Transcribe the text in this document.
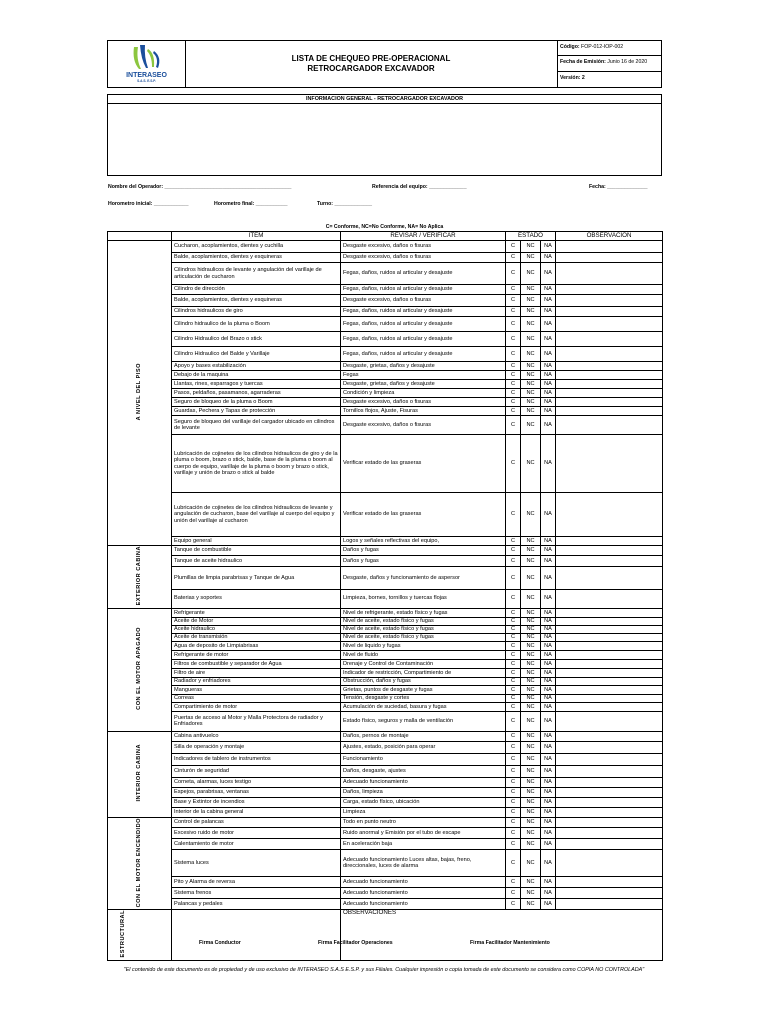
INTERASEO
S.A.S. E.S.P.
LISTA DE CHEQUEO PRE-OPERACIONAL
RETROCARGADOR EXCAVADOR
Código: FOP-012-IOP-002
Fecha de Emisión: Junio 16 de 2020
Versión: 2
INFORMACION GENERAL - RETROCARGADOR EXCAVADOR
Nombre del Operador: ____________________________________________	Referencia del equipo: _____________	Fecha: ______________
Horometro inicial: ____________	Horometro final: ___________	Turno: _____________
C= Conforme, NC=No Conforme, NA= No Aplica
	ITEM	REVISAR / VERIFICAR	ESTADO			OBSERVACION
A NIVEL DEL PISO	Cucharon, acoplamientos, dientes y cuchilla	Desgaste excesivo, daños o fisuras	C	NC	NA	
	Balde, acoplamientos, dientes y esquineras	Desgaste excesivo, daños o fisuras	C	NC	NA	
	Cilindros hidraulicos de levante y angulación del varillaje de articulación de cucharon	Fegas, daños, ruidos al articular y desajuste	C	NC	NA	
	Cilindro de dirección	Fegas, daños, ruidos al articular y desajuste	C	NC	NA	
	Balde, acoplamientos, dientes y esquineras	Desgaste excesivo, daños o fisuras	C	NC	NA	
	Cilindros hidraulicos de giro	Fegas, daños, ruidos al articular y desajuste	C	NC	NA	
	Cilindro hidraulico de la pluma o Boom	Fegas, daños, ruidos al articular y desajuste	C	NC	NA	
	Cilindro Hidraulico del Brazo o stick	Fegas, daños, ruidos al articular y desajuste	C	NC	NA	
	Cilindro Hidraulico del Balde y Varillaje	Fegas, daños, ruidos al articular y desajuste	C	NC	NA	
	Apoyo y bases estabilización	Desgaste, grietas, daños y desajuste	C	NC	NA	
	Debajo de la maquina	Fegas	C	NC	NA	
	Llantas, rines, esparragos y tuercas	Desgaste, grietas, daños y desajuste	C	NC	NA	
	Pasos, peldaños, pasamanos, agarraderas	Condición y limpieza	C	NC	NA	
	Seguro de bloqueo de la pluma o Boom	Desgaste excesivo, daños o fisuras	C	NC	NA	
	Guardas, Pechera y Tapas de protección	Tornillos flojos, Ajuste, Fisuras	C	NC	NA	
	Seguro de bloqueo del varillaje del cargador ubicado en cilindros de levante	Desgaste excesivo, daños o fisuras	C	NC	NA	
	Lubricación de cojinetes de los cilindros hidraulicos de giro y de la pluma o boom, brazo o stick, balde, base de la pluma o boom al cuerpo de equipo, varillaje de la pluma o boom y brazo o stick, varillaje y unión de brazo o stick al balde	Verificar estado de las graseras	C	NC	NA	
	Lubricación de cojinetes de los cilindros hidraulicos de levante y angulación de cucharon, base del varillaje al cuerpo del equipo y unión del varillaje al cucharon	Verificar estado de las graseras	C	NC	NA	
	Equipo general	Logos y señales reflectivas del equipo,	C	NC	NA	
EXTERIOR CABINA	Tanque de combustible	Daños y fugas	C	NC	NA	
	Tanque de aceite hidraulico	Daños y fugas	C	NC	NA	
	Plumillas de limpia parabrisas y Tanque de Agua	Desgaste, daños y funcionamiento de aspersor	C	NC	NA	
	Baterias y soportes	Limpieza, bornes, tornillos y tuercas flojas	C	NC	NA	
CON EL MOTOR APAGADO	Refrigerante	Nivel de refrigerante, estado físico y fugas	C	NC	NA	
	Aceite de Motor	Nivel de aceite, estado físico y fugas	C	NC	NA	
	Aceite hidraulico	Nivel de aceite, estado físico y fugas	C	NC	NA	
	Aceite de transmisión	Nivel de aceite, estado físico y fugas	C	NC	NA	
	Agua de deposito de Limpiabrisas	Nivel de liquido y fugas	C	NC	NA	
	Refrigerante de motor	Nivel de fluido	C	NC	NA	
	Filtros de combustible y separador de Agua	Drenaje y Control de Contaminación	C	NC	NA	
	Filtro de aire	Indicador de restricción, Compartimiento de	C	NC	NA	
	Radiador y enfriadores	Obstrucción, daños y fugas	C	NC	NA	
	Mangueras	Grietas, puntos de desgaste y fugas	C	NC	NA	
	Correas	Tensión, desgaste y cortes	C	NC	NA	
	Compartimiento de motor	Acumulación de suciedad, basura y fugas	C	NC	NA	
	Puertas de acceso al Motor y Malla Protectora de radiador y Enfriadores	Estado físico, seguros y malla de ventilación	C	NC	NA	
INTERIOR CABINA	Cabina antivuelco	Daños, pernos de montaje	C	NC	NA	
	Silla de operación y montaje	Ajustes, estado, posición para operar	C	NC	NA	
	Indicadores de tablero de instrumentos	Funcionamiento	C	NC	NA	
	Cinturón de seguridad	Daños, desgaste, ajustes	C	NC	NA	
	Corneta, alarmas, luces testigo	Adecuado funcionamiento	C	NC	NA	
	Espejos, parabrisas, ventanas	Daños, limpieza	C	NC	NA	
	Base y Extintor de incendios	Carga, estado físico, ubicación	C	NC	NA	
	Interior de la cabina general	Limpieza	C	NC	NA	
CON EL MOTOR ENCENDIDO	Control de palancas	Todo en punto neutro	C	NC	NA	
	Excesivo ruido de motor	Ruido anormal y Emisión por el tubo de escape	C	NC	NA	
	Calentamiento de motor	En aceleración baja	C	NC	NA	
	Sistema luces	Adecuado funcionamiento Luces altas, bajas, freno, direccionales, luces de alarma	C	NC	NA	
	Pito y Alarma de reversa	Adecuado funcionamiento	C	NC	NA	
	Sistema frenos	Adecuado funcionamiento	C	NC	NA	
	Palancas y pedales	Adecuado funcionamiento	C	NC	NA	
ESTRUCTURAL		OBSERVACIONES				
Firma Conductor	Firma Facilitador Operaciones	Firma Facilitador Mantenimiento
"El contenido de este documento es de propiedad y de uso exclusivo de INTERASEO S.A.S E.S.P. y sus Filiales. Cualquier impresión o copia tomada de este documento se considera como COPIA NO CONTROLADA"
